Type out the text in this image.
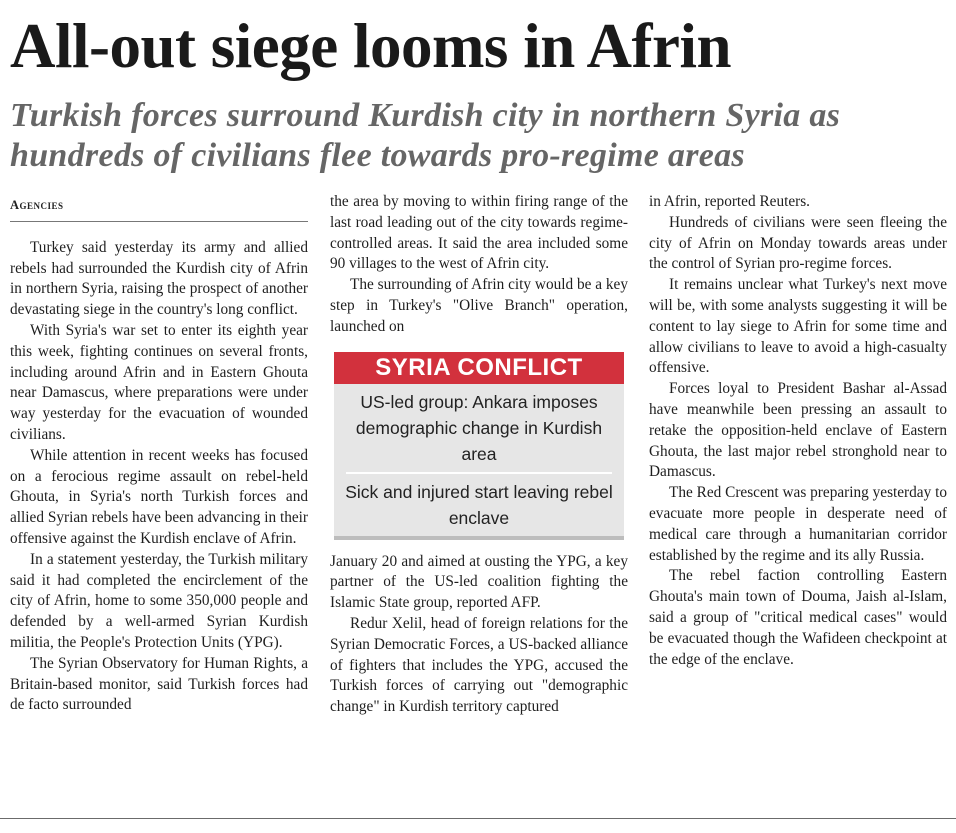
All-out siege looms in Afrin
Turkish forces surround Kurdish city in northern Syria as hundreds of civilians flee towards pro-regime areas
Agencies

Turkey said yesterday its army and allied rebels had surrounded the Kurdish city of Afrin in northern Syria, raising the prospect of another devastating siege in the country's long conflict.

With Syria's war set to enter its eighth year this week, fighting continues on several fronts, including around Afrin and in Eastern Ghouta near Damascus, where preparations were under way yesterday for the evacuation of wounded civilians.

While attention in recent weeks has focused on a ferocious regime assault on rebel-held Ghouta, in Syria's north Turkish forces and allied Syrian rebels have been advancing in their offensive against the Kurdish enclave of Afrin.

In a statement yesterday, the Turkish military said it had completed the encirclement of the city of Afrin, home to some 350,000 people and defended by a well-armed Syrian Kurdish militia, the People's Protection Units (YPG).

The Syrian Observatory for Human Rights, a Britain-based monitor, said Turkish forces had de facto surrounded

the area by moving to within firing range of the last road leading out of the city towards regime-controlled areas. It said the area included some 90 villages to the west of Afrin city.

The surrounding of Afrin city would be a key step in Turkey's "Olive Branch" operation, launched on

SYRIA CONFLICT
US-led group: Ankara imposes demographic change in Kurdish area
Sick and injured start leaving rebel enclave

January 20 and aimed at ousting the YPG, a key partner of the US-led coalition fighting the Islamic State group, reported AFP.

Redur Xelil, head of foreign relations for the Syrian Democratic Forces, a US-backed alliance of fighters that includes the YPG, accused the Turkish forces of carrying out "demographic change" in Kurdish territory captured

in Afrin, reported Reuters.

Hundreds of civilians were seen fleeing the city of Afrin on Monday towards areas under the control of Syrian pro-regime forces.

It remains unclear what Turkey's next move will be, with some analysts suggesting it will be content to lay siege to Afrin for some time and allow civilians to leave to avoid a high-casualty offensive.

Forces loyal to President Bashar al-Assad have meanwhile been pressing an assault to retake the opposition-held enclave of Eastern Ghouta, the last major rebel stronghold near to Damascus.

The Red Crescent was preparing yesterday to evacuate more people in desperate need of medical care through a humanitarian corridor established by the regime and its ally Russia.

The rebel faction controlling Eastern Ghouta's main town of Douma, Jaish al-Islam, said a group of "critical medical cases" would be evacuated though the Wafideen checkpoint at the edge of the enclave.
